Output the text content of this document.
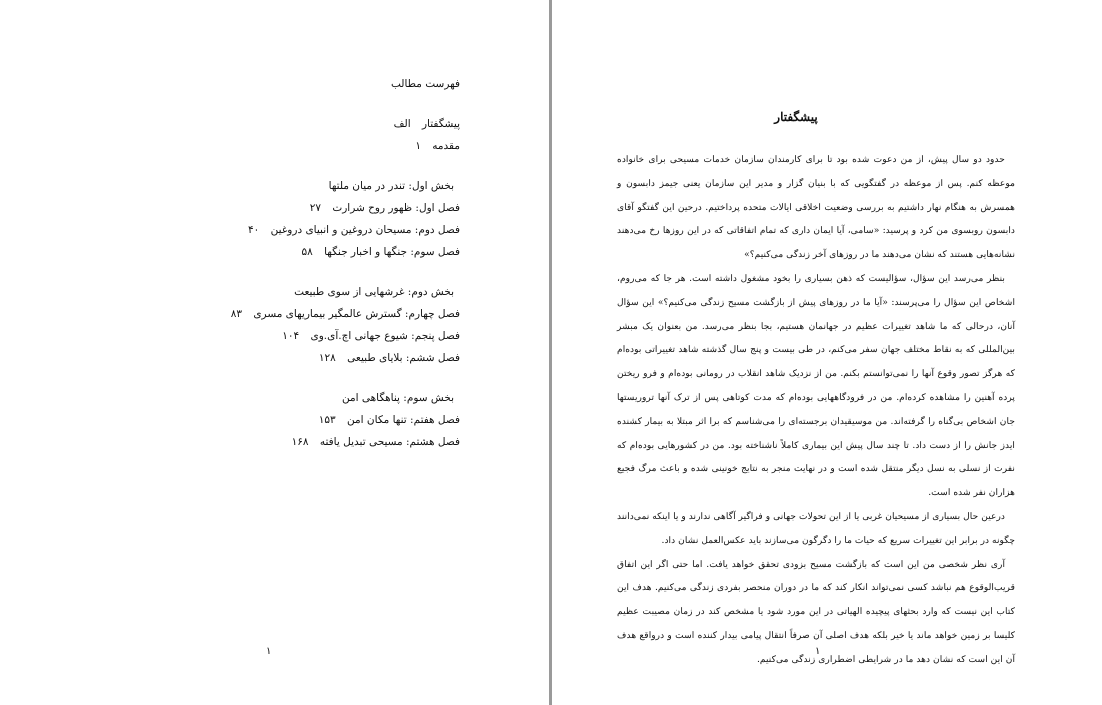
فهرست مطالب

پیشگفتار الف
مقدمه ۱
بخش اول: تندر در میان ملتها
فصل اول: ظهور روح شرارت ۲۷
فصل دوم: مسیحان دروغین و انبیای دروغین ۴۰
فصل سوم: جنگها و اخبار جنگها ۵۸
بخش دوم: غرشهایی از سوی طبیعت
فصل چهارم: گسترش عالمگیر بیماریهای مسری ۸۳
فصل پنجم: شیوع جهانی اچ.آی.وی ۱۰۴
فصل ششم: بلایای طبیعی ۱۲۸
بخش سوم: پناهگاهی امن
فصل هفتم: تنها مکان امن ۱۵۳
فصل هشتم: مسیحی تبدیل یافته ۱۶۸
۱
پیشگفتار

حدود دو سال پیش، از من دعوت شده بود تا برای کارمندان سازمان خدمات مسیحی برای خانواده موعظه کنم. پس از موعظه در گفتگویی که با بنیان گزار و مدیر این سازمان یعنی جیمز دابسون و همسرش به هنگام نهار داشتیم به بررسی وضعیت اخلاقی ایالات متحده پرداختیم. درحین این گفتگو آقای دابسون روبسوی من کرد و پرسید: «سامی، آیا ایمان داری که تمام اتفاقاتی که در این روزها رخ می‌دهند نشانه‌هایی هستند که نشان می‌دهند ما در روزهای آخر زندگی می‌کنیم؟»

بنظر می‌رسد این سؤال، سؤالیست که ذهن بسیاری را بخود مشغول داشته است. هر جا که می‌روم، اشخاص این سؤال را می‌پرسند: «آیا ما در روزهای پیش از بازگشت مسیح زندگی می‌کنیم؟» این سؤال آنان، درحالی که ما شاهد تغییرات عظیم در جهانمان هستیم، بجا بنظر می‌رسد. من بعنوان یک مبشر بین‌المللی که به نقاط مختلف جهان سفر می‌کنم، در طی بیست و پنج سال گذشته شاهد تغییراتی بوده‌ام که هرگز تصور وقوع آنها را نمی‌توانستم بکنم. من از نزدیک شاهد انقلاب در رومانی بوده‌ام و فرو ریختن پرده آهنین را مشاهده کرده‌ام. من در فرودگاههایی بوده‌ام که مدت کوتاهی پس از ترک آنها تروریستها جان اشخاص بی‌گناه را گرفته‌اند. من موسیقیدان برجسته‌ای را می‌شناسم که برا اثر مبتلا به بیمار کشنده ایدز جانش را از دست داد. تا چند سال پیش این بیماری کاملاً ناشناخته بود. من در کشورهایی بوده‌ام که نفرت از نسلی به نسل دیگر منتقل شده است و در نهایت منجر به نتایج خونینی شده و باعث مرگ فجیع هزاران نفر شده است.

درعین حال بسیاری از مسیحیان غربی یا از این تحولات جهانی و فراگیر آگاهی ندارند و یا اینکه نمی‌دانند چگونه در برابر این تغییرات سریع که حیات ما را دگرگون می‌سازند باید عکس‌العمل نشان داد.

آری نظر شخصی من این است که بازگشت مسیح بزودی تحقق خواهد یافت. اما حتی اگر این اتفاق قریب‌الوقوع هم نباشد کسی نمی‌تواند انکار کند که ما در دوران منحصر بفردی زندگی می‌کنیم. هدف این کتاب این نیست که وارد بحثهای پیچیده الهیاتی در این مورد شود یا مشخص کند در زمان مصیبت عظیم کلیسا بر زمین خواهد ماند یا خیر بلکه هدف اصلی آن صرفاً انتقال پیامی بیدار کننده است و درواقع هدف آن این است که نشان دهد ما در شرایطی اضطراری زندگی می‌کنیم.

۱
